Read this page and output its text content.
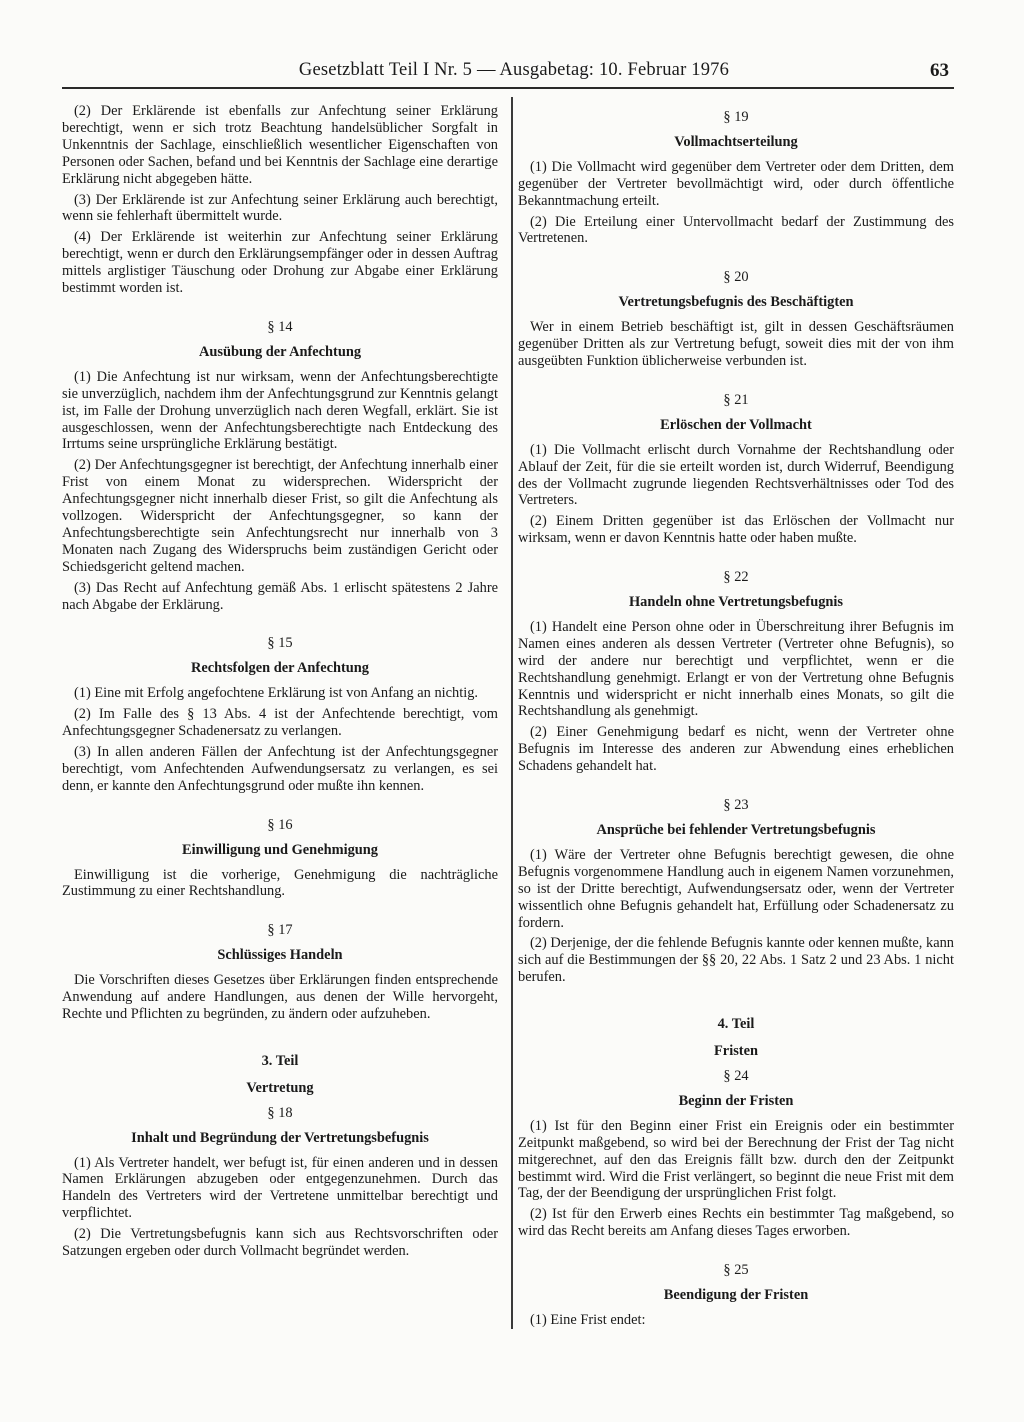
Gesetzblatt Teil I Nr. 5 — Ausgabetag: 10. Februar 1976	63

(2) Der Erklärende ist ebenfalls zur Anfechtung seiner Erklärung berechtigt, wenn er sich trotz Beachtung handelsüblicher Sorgfalt in Unkenntnis der Sachlage, einschließlich wesentlicher Eigenschaften von Personen oder Sachen, befand und bei Kenntnis der Sachlage eine derartige Erklärung nicht abgegeben hätte.

(3) Der Erklärende ist zur Anfechtung seiner Erklärung auch berechtigt, wenn sie fehlerhaft übermittelt wurde.

(4) Der Erklärende ist weiterhin zur Anfechtung seiner Erklärung berechtigt, wenn er durch den Erklärungsempfänger oder in dessen Auftrag mittels arglistiger Täuschung oder Drohung zur Abgabe einer Erklärung bestimmt worden ist.

§ 14
Ausübung der Anfechtung

(1) Die Anfechtung ist nur wirksam, wenn der Anfechtungsberechtigte sie unverzüglich, nachdem ihm der Anfechtungsgrund zur Kenntnis gelangt ist, im Falle der Drohung unverzüglich nach deren Wegfall, erklärt. Sie ist ausgeschlossen, wenn der Anfechtungsberechtigte nach Entdeckung des Irrtums seine ursprüngliche Erklärung bestätigt.

(2) Der Anfechtungsgegner ist berechtigt, der Anfechtung innerhalb einer Frist von einem Monat zu widersprechen. Widerspricht der Anfechtungsgegner nicht innerhalb dieser Frist, so gilt die Anfechtung als vollzogen. Widerspricht der Anfechtungsgegner, so kann der Anfechtungsberechtigte sein Anfechtungsrecht nur innerhalb von 3 Monaten nach Zugang des Widerspruchs beim zuständigen Gericht oder Schiedsgericht geltend machen.

(3) Das Recht auf Anfechtung gemäß Abs. 1 erlischt spätestens 2 Jahre nach Abgabe der Erklärung.

§ 15
Rechtsfolgen der Anfechtung

(1) Eine mit Erfolg angefochtene Erklärung ist von Anfang an nichtig.

(2) Im Falle des § 13 Abs. 4 ist der Anfechtende berechtigt, vom Anfechtungsgegner Schadenersatz zu verlangen.

(3) In allen anderen Fällen der Anfechtung ist der Anfechtungsgegner berechtigt, vom Anfechtenden Aufwendungsersatz zu verlangen, es sei denn, er kannte den Anfechtungsgrund oder mußte ihn kennen.

§ 16
Einwilligung und Genehmigung

Einwilligung ist die vorherige, Genehmigung die nachträgliche Zustimmung zu einer Rechtshandlung.

§ 17
Schlüssiges Handeln

Die Vorschriften dieses Gesetzes über Erklärungen finden entsprechende Anwendung auf andere Handlungen, aus denen der Wille hervorgeht, Rechte und Pflichten zu begründen, zu ändern oder aufzuheben.

3. Teil
Vertretung
§ 18
Inhalt und Begründung der Vertretungsbefugnis

(1) Als Vertreter handelt, wer befugt ist, für einen anderen und in dessen Namen Erklärungen abzugeben oder entgegenzunehmen. Durch das Handeln des Vertreters wird der Vertretene unmittelbar berechtigt und verpflichtet.

(2) Die Vertretungsbefugnis kann sich aus Rechtsvorschriften oder Satzungen ergeben oder durch Vollmacht begründet werden.

§ 19
Vollmachtserteilung

(1) Die Vollmacht wird gegenüber dem Vertreter oder dem Dritten, dem gegenüber der Vertreter bevollmächtigt wird, oder durch öffentliche Bekanntmachung erteilt.

(2) Die Erteilung einer Untervollmacht bedarf der Zustimmung des Vertretenen.

§ 20
Vertretungsbefugnis des Beschäftigten

Wer in einem Betrieb beschäftigt ist, gilt in dessen Geschäftsräumen gegenüber Dritten als zur Vertretung befugt, soweit dies mit der von ihm ausgeübten Funktion üblicherweise verbunden ist.

§ 21
Erlöschen der Vollmacht

(1) Die Vollmacht erlischt durch Vornahme der Rechtshandlung oder Ablauf der Zeit, für die sie erteilt worden ist, durch Widerruf, Beendigung des der Vollmacht zugrunde liegenden Rechtsverhältnisses oder Tod des Vertreters.

(2) Einem Dritten gegenüber ist das Erlöschen der Vollmacht nur wirksam, wenn er davon Kenntnis hatte oder haben mußte.

§ 22
Handeln ohne Vertretungsbefugnis

(1) Handelt eine Person ohne oder in Überschreitung ihrer Befugnis im Namen eines anderen als dessen Vertreter (Vertreter ohne Befugnis), so wird der andere nur berechtigt und verpflichtet, wenn er die Rechtshandlung genehmigt. Erlangt er von der Vertretung ohne Befugnis Kenntnis und widerspricht er nicht innerhalb eines Monats, so gilt die Rechtshandlung als genehmigt.

(2) Einer Genehmigung bedarf es nicht, wenn der Vertreter ohne Befugnis im Interesse des anderen zur Abwendung eines erheblichen Schadens gehandelt hat.

§ 23
Ansprüche bei fehlender Vertretungsbefugnis

(1) Wäre der Vertreter ohne Befugnis berechtigt gewesen, die ohne Befugnis vorgenommene Handlung auch in eigenem Namen vorzunehmen, so ist der Dritte berechtigt, Aufwendungsersatz oder, wenn der Vertreter wissentlich ohne Befugnis gehandelt hat, Erfüllung oder Schadenersatz zu fordern.

(2) Derjenige, der die fehlende Befugnis kannte oder kennen mußte, kann sich auf die Bestimmungen der §§ 20, 22 Abs. 1 Satz 2 und 23 Abs. 1 nicht berufen.

4. Teil
Fristen
§ 24
Beginn der Fristen

(1) Ist für den Beginn einer Frist ein Ereignis oder ein bestimmter Zeitpunkt maßgebend, so wird bei der Berechnung der Frist der Tag nicht mitgerechnet, auf den das Ereignis fällt bzw. durch den der Zeitpunkt bestimmt wird. Wird die Frist verlängert, so beginnt die neue Frist mit dem Tag, der der Beendigung der ursprünglichen Frist folgt.

(2) Ist für den Erwerb eines Rechts ein bestimmter Tag maßgebend, so wird das Recht bereits am Anfang dieses Tages erworben.

§ 25
Beendigung der Fristen

(1) Eine Frist endet:
